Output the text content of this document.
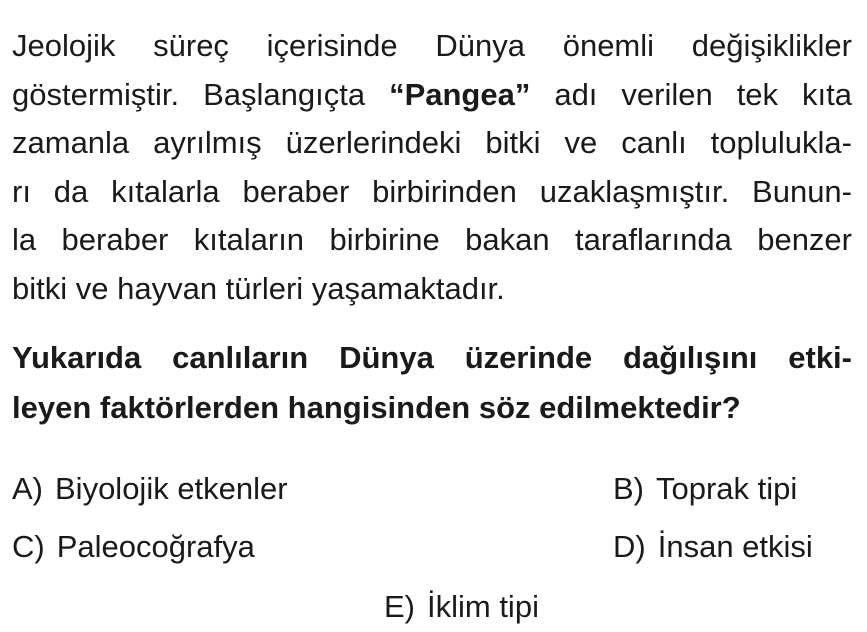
Jeolojik süreç içerisinde Dünya önemli değişiklikler
göstermiştir. Başlangıçta “Pangea” adı verilen tek kıta
zamanla ayrılmış üzerlerindeki bitki ve canlı topluluklа-
rı da kıtalarla beraber birbirinden uzaklaşmıştır. Bunun-
la beraber kıtaların birbirine bakan taraflarında benzer
bitki ve hayvan türleri yaşamaktadır.
Yukarıda canlıların Dünya üzerinde dağılışını etki-
leyen faktörlerden hangisinden söz edilmektedir?
A) Biyolojik etkenler	B) Toprak tipi
C) Paleocoğrafya	D) İnsan etkisi
E) İklim tipi
